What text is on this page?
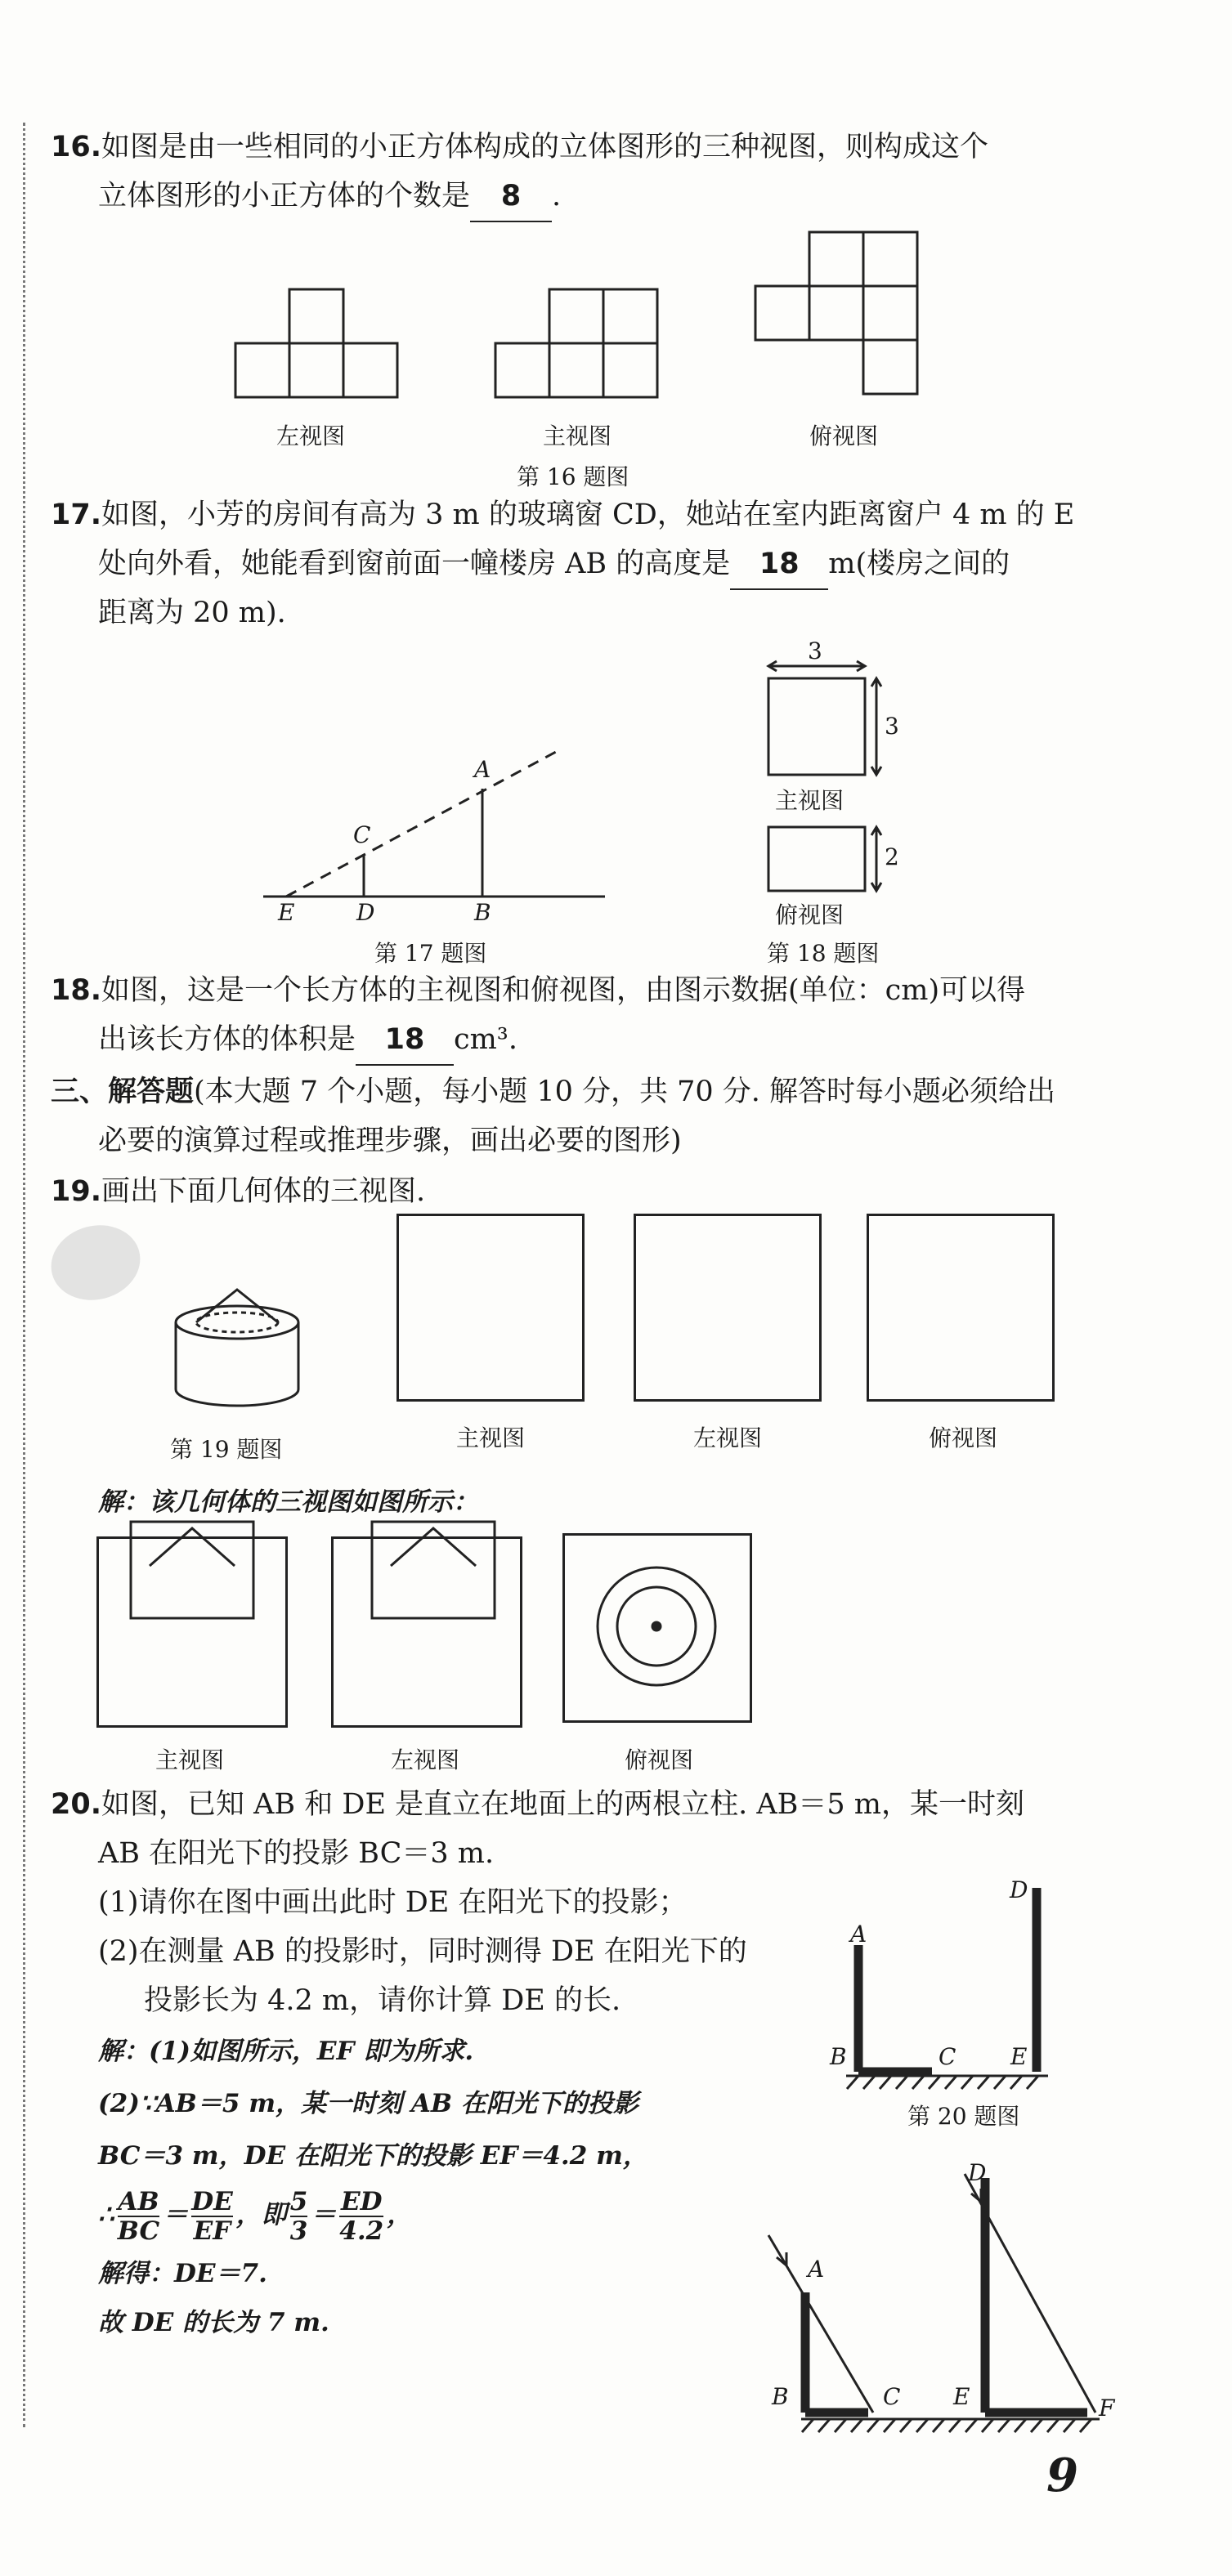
16.如图是由一些相同的小正方体构成的立体图形的三种视图，则构成这个
立体图形的小正方体的个数是 8 .
左视图	主视图	俯视图
第 16 题图
17.如图，小芳的房间有高为 3 m 的玻璃窗 CD，她站在室内距离窗户 4 m 的 E
处向外看，她能看到窗前面一幢楼房 AB 的高度是 18 m(楼房之间的
距离为 20 m).
A
C
E	D	B
第 17 题图
3
3
2
主视图
俯视图
第 18 题图
18.如图，这是一个长方体的主视图和俯视图，由图示数据(单位：cm)可以得
出该长方体的体积是 18 cm³.
三、解答题(本大题 7 个小题，每小题 10 分，共 70 分. 解答时每小题必须给出
必要的演算过程或推理步骤，画出必要的图形)
19.画出下面几何体的三视图.
第 19 题图	主视图	左视图	俯视图
解：该几何体的三视图如图所示：
主视图	左视图	俯视图
20.如图，已知 AB 和 DE 是直立在地面上的两根立柱. AB＝5 m，某一时刻
AB 在阳光下的投影 BC＝3 m.
(1)请你在图中画出此时 DE 在阳光下的投影；
(2)在测量 AB 的投影时，同时测得 DE 在阳光下的
投影长为 4.2 m，请你计算 DE 的长.
A
D
B	C E
第 20 题图
解：(1)如图所示，EF 即为所求.
(2)∵AB＝5 m，某一时刻 AB 在阳光下的投影
BC＝3 m，DE 在阳光下的投影 EF＝4.2 m，
∴ $\frac{AB}{BC} = \frac{DE}{EF}$ ，即 $\frac{5}{3} = \frac{ED}{4.2}$ ，
解得：DE＝7.
故 DE 的长为 7 m.
A
D
B	C E	F
9
